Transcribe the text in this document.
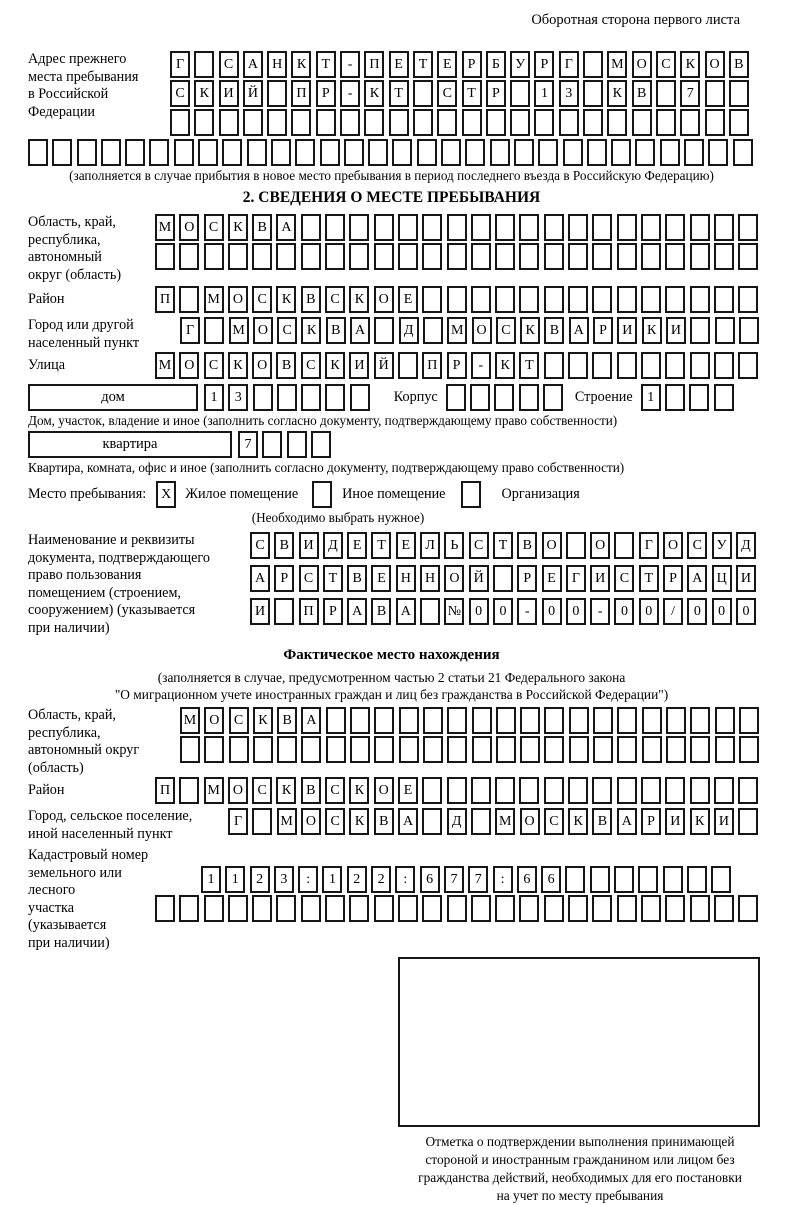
Оборотная сторона первого листа
Адрес прежнего
места пребывания
в Российской
Федерации
Г	С	А	Н	К	Т	-	П	Е	Т	Е	Р	Б	У	Р	Г	М О	С	К	О	В
С	К	И	Й	П	Р	-	К	Т	С	Т	Р	1	3	К	В	7
(заполняется в случае прибытия в новое место пребывания в период последнего въезда в Российскую Федерацию)
2. СВЕДЕНИЯ О МЕСТЕ ПРЕБЫВАНИЯ
Область, край,
республика,
автономный
округ (область)
М О	С	К	В	А
Район	П	М О	С	К	В	С	К	О	Е
Город или другой
населенный пункт
Г	М О	С	К	В	А	Д	М О	С	К	В	А	Р	И	К	И
Улица	М О	С	К	О	В	С	К	И	Й	П	Р	-	К	Т
дом	1	3	Корпус	Строение	1
Дом, участок, владение и иное (заполнить согласно документу, подтверждающему право собственности)
квартира	7
Квартира, комната, офис и иное (заполнить согласно документу, подтверждающему право собственности)
Место пребывания:	X Жилое помещение	Иное помещение	Организация
(Необходимо выбрать нужное)
Наименование и реквизиты
документа, подтверждающего
право пользования
помещением (строением,
сооружением) (указывается
при наличии)
С	В	И	Д	Е	Т	Е	Л	Ь	С	Т	В	О	О	Г	О	С	У	Д
А	Р	С	Т	В	Е	Н	Н	О	Й	Р	Е	Г	И	С	Т	Р	А	Ц	И
И	П	Р	А	В	А	№	0	0	-	0	0	-	0	0	/	0	0	0
Фактическое место нахождения
(заполняется в случае, предусмотренном частью 2 статьи 21 Федерального закона
"О миграционном учете иностранных граждан и лиц без гражданства в Российской Федерации")
Область, край,
республика,
автономный округ
(область)
М О	С	К	В	А
Район	П	М О	С	К	В	С	К	О	Е
Город, сельское поселение,
иной населенный пункт
Г	М О	С	К	В	А	Д	М О	С	К	В	А	Р	И	К	И
Кадастровый номер
земельного или лесного
участка (указывается
при наличии)
1	1	2	3	:	1	2	2	:	6	7	7	:	6	6
Отметка о подтверждении выполнения принимающей
стороной и иностранным гражданином или лицом без
гражданства действий, необходимых для его постановки
на учет по месту пребывания
